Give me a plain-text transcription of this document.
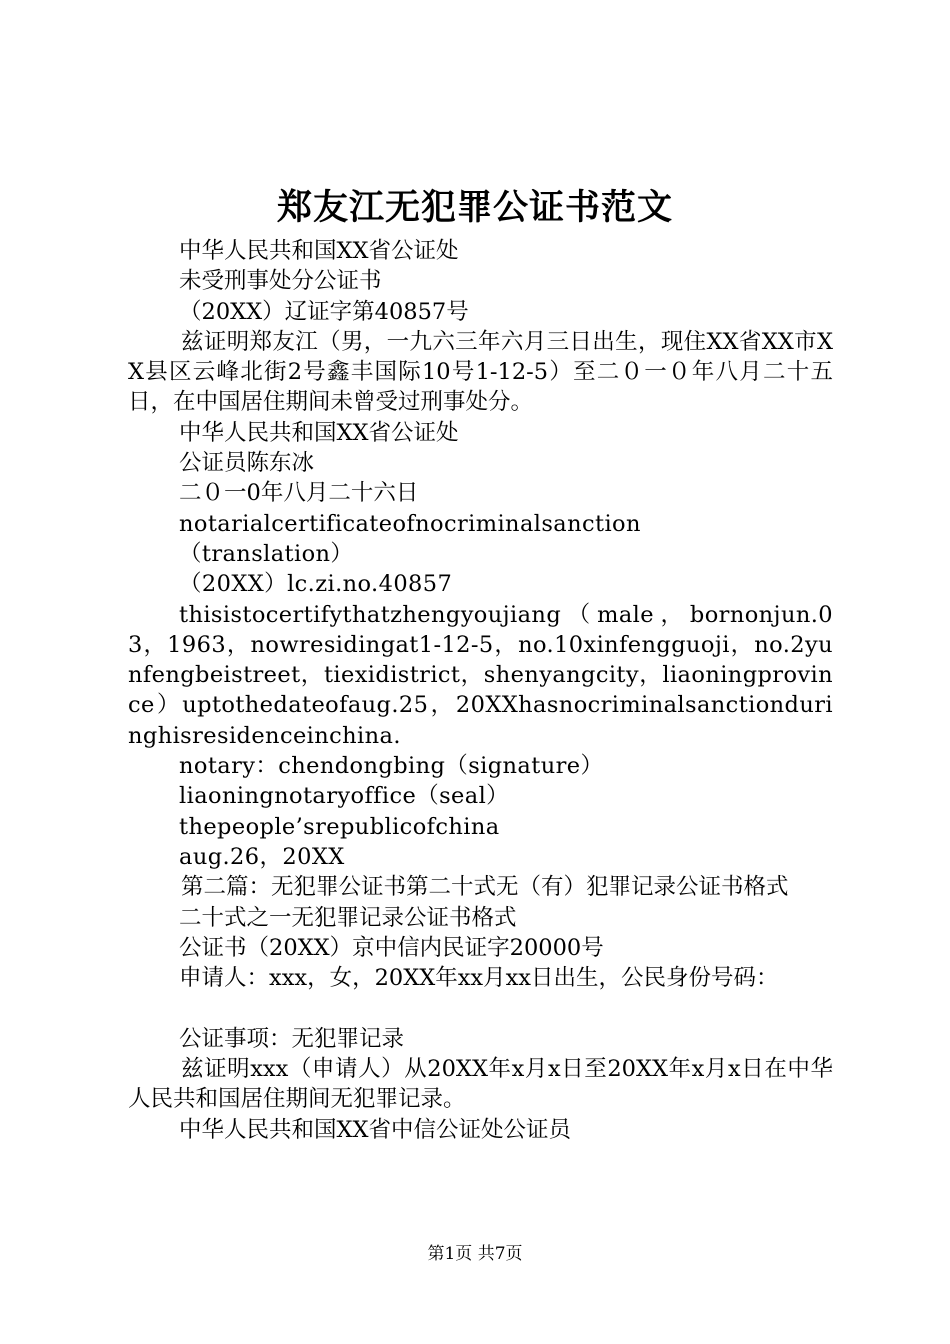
郑友江无犯罪公证书范文

中华人民共和国XX省公证处

未受刑事处分公证书

（20XX）辽证字第40857号

兹证明郑友江（男，一九六三年六月三日出生，现住XX省XX市XX县区云峰北街2号鑫丰国际10号1-12-5）至二０一０年八月二十五日，在中国居住期间未曾受过刑事处分。

中华人民共和国XX省公证处

公证员陈东冰

二０一0年八月二十六日

notarialcertificateofnocriminalsanction

（translation）

（20XX）lc.zi.no.40857

thisistocertifythatzhengyoujiang（male，bornonjun.03，1963，nowresidingat1-12-5，no.10xinfengguoji，no.2yunfengbeistreet，tiexidistrict，shenyangcity，liaoningprovince）uptothedateofaug.25，20XXhasnocriminalsanctionduringhisresidenceinchina.

notary：chendongbing（signature）

liaoningnotaryoffice（seal）

thepeople’srepublicofchina

aug.26，20XX

第二篇：无犯罪公证书第二十式无（有）犯罪记录公证书格式

二十式之一无犯罪记录公证书格式

公证书（20XX）京中信内民证字20000号

申请人：xxx，女，20XX年xx月xx日出生，公民身份号码：

公证事项：无犯罪记录

兹证明xxx（申请人）从20XX年x月x日至20XX年x月x日在中华人民共和国居住期间无犯罪记录。

中华人民共和国XX省中信公证处公证员

第1页 共7页
